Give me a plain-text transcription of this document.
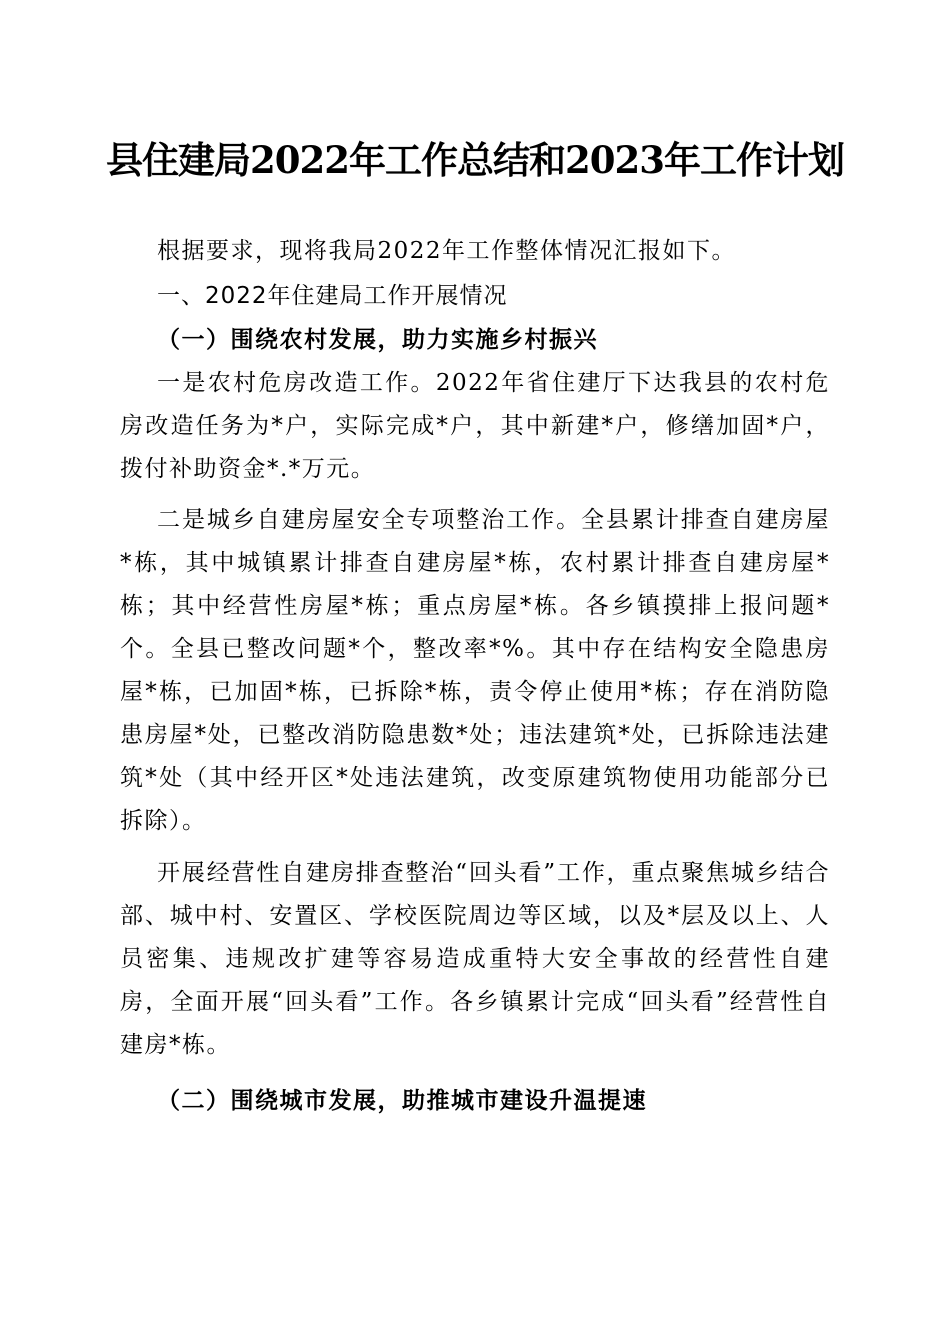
县住建局2022年工作总结和2023年工作计划

根据要求，现将我局2022年工作整体情况汇报如下。

一、2022年住建局工作开展情况
（一）围绕农村发展，助力实施乡村振兴

一是农村危房改造工作。2022年省住建厅下达我县的农村危房改造任务为*户，实际完成*户，其中新建*户，修缮加固*户，拨付补助资金*.*万元。

二是城乡自建房屋安全专项整治工作。全县累计排查自建房屋*栋，其中城镇累计排查自建房屋*栋，农村累计排查自建房屋*栋；其中经营性房屋*栋；重点房屋*栋。各乡镇摸排上报问题*个。全县已整改问题*个，整改率*%。其中存在结构安全隐患房屋*栋，已加固*栋，已拆除*栋，责令停止使用*栋；存在消防隐患房屋*处，已整改消防隐患数*处；违法建筑*处，已拆除违法建筑*处（其中经开区*处违法建筑，改变原建筑物使用功能部分已拆除）。

开展经营性自建房排查整治“回头看”工作，重点聚焦城乡结合部、城中村、安置区、学校医院周边等区域，以及*层及以上、人员密集、违规改扩建等容易造成重特大安全事故的经营性自建房，全面开展“回头看”工作。各乡镇累计完成“回头看”经营性自建房*栋。

（二）围绕城市发展，助推城市建设升温提速
